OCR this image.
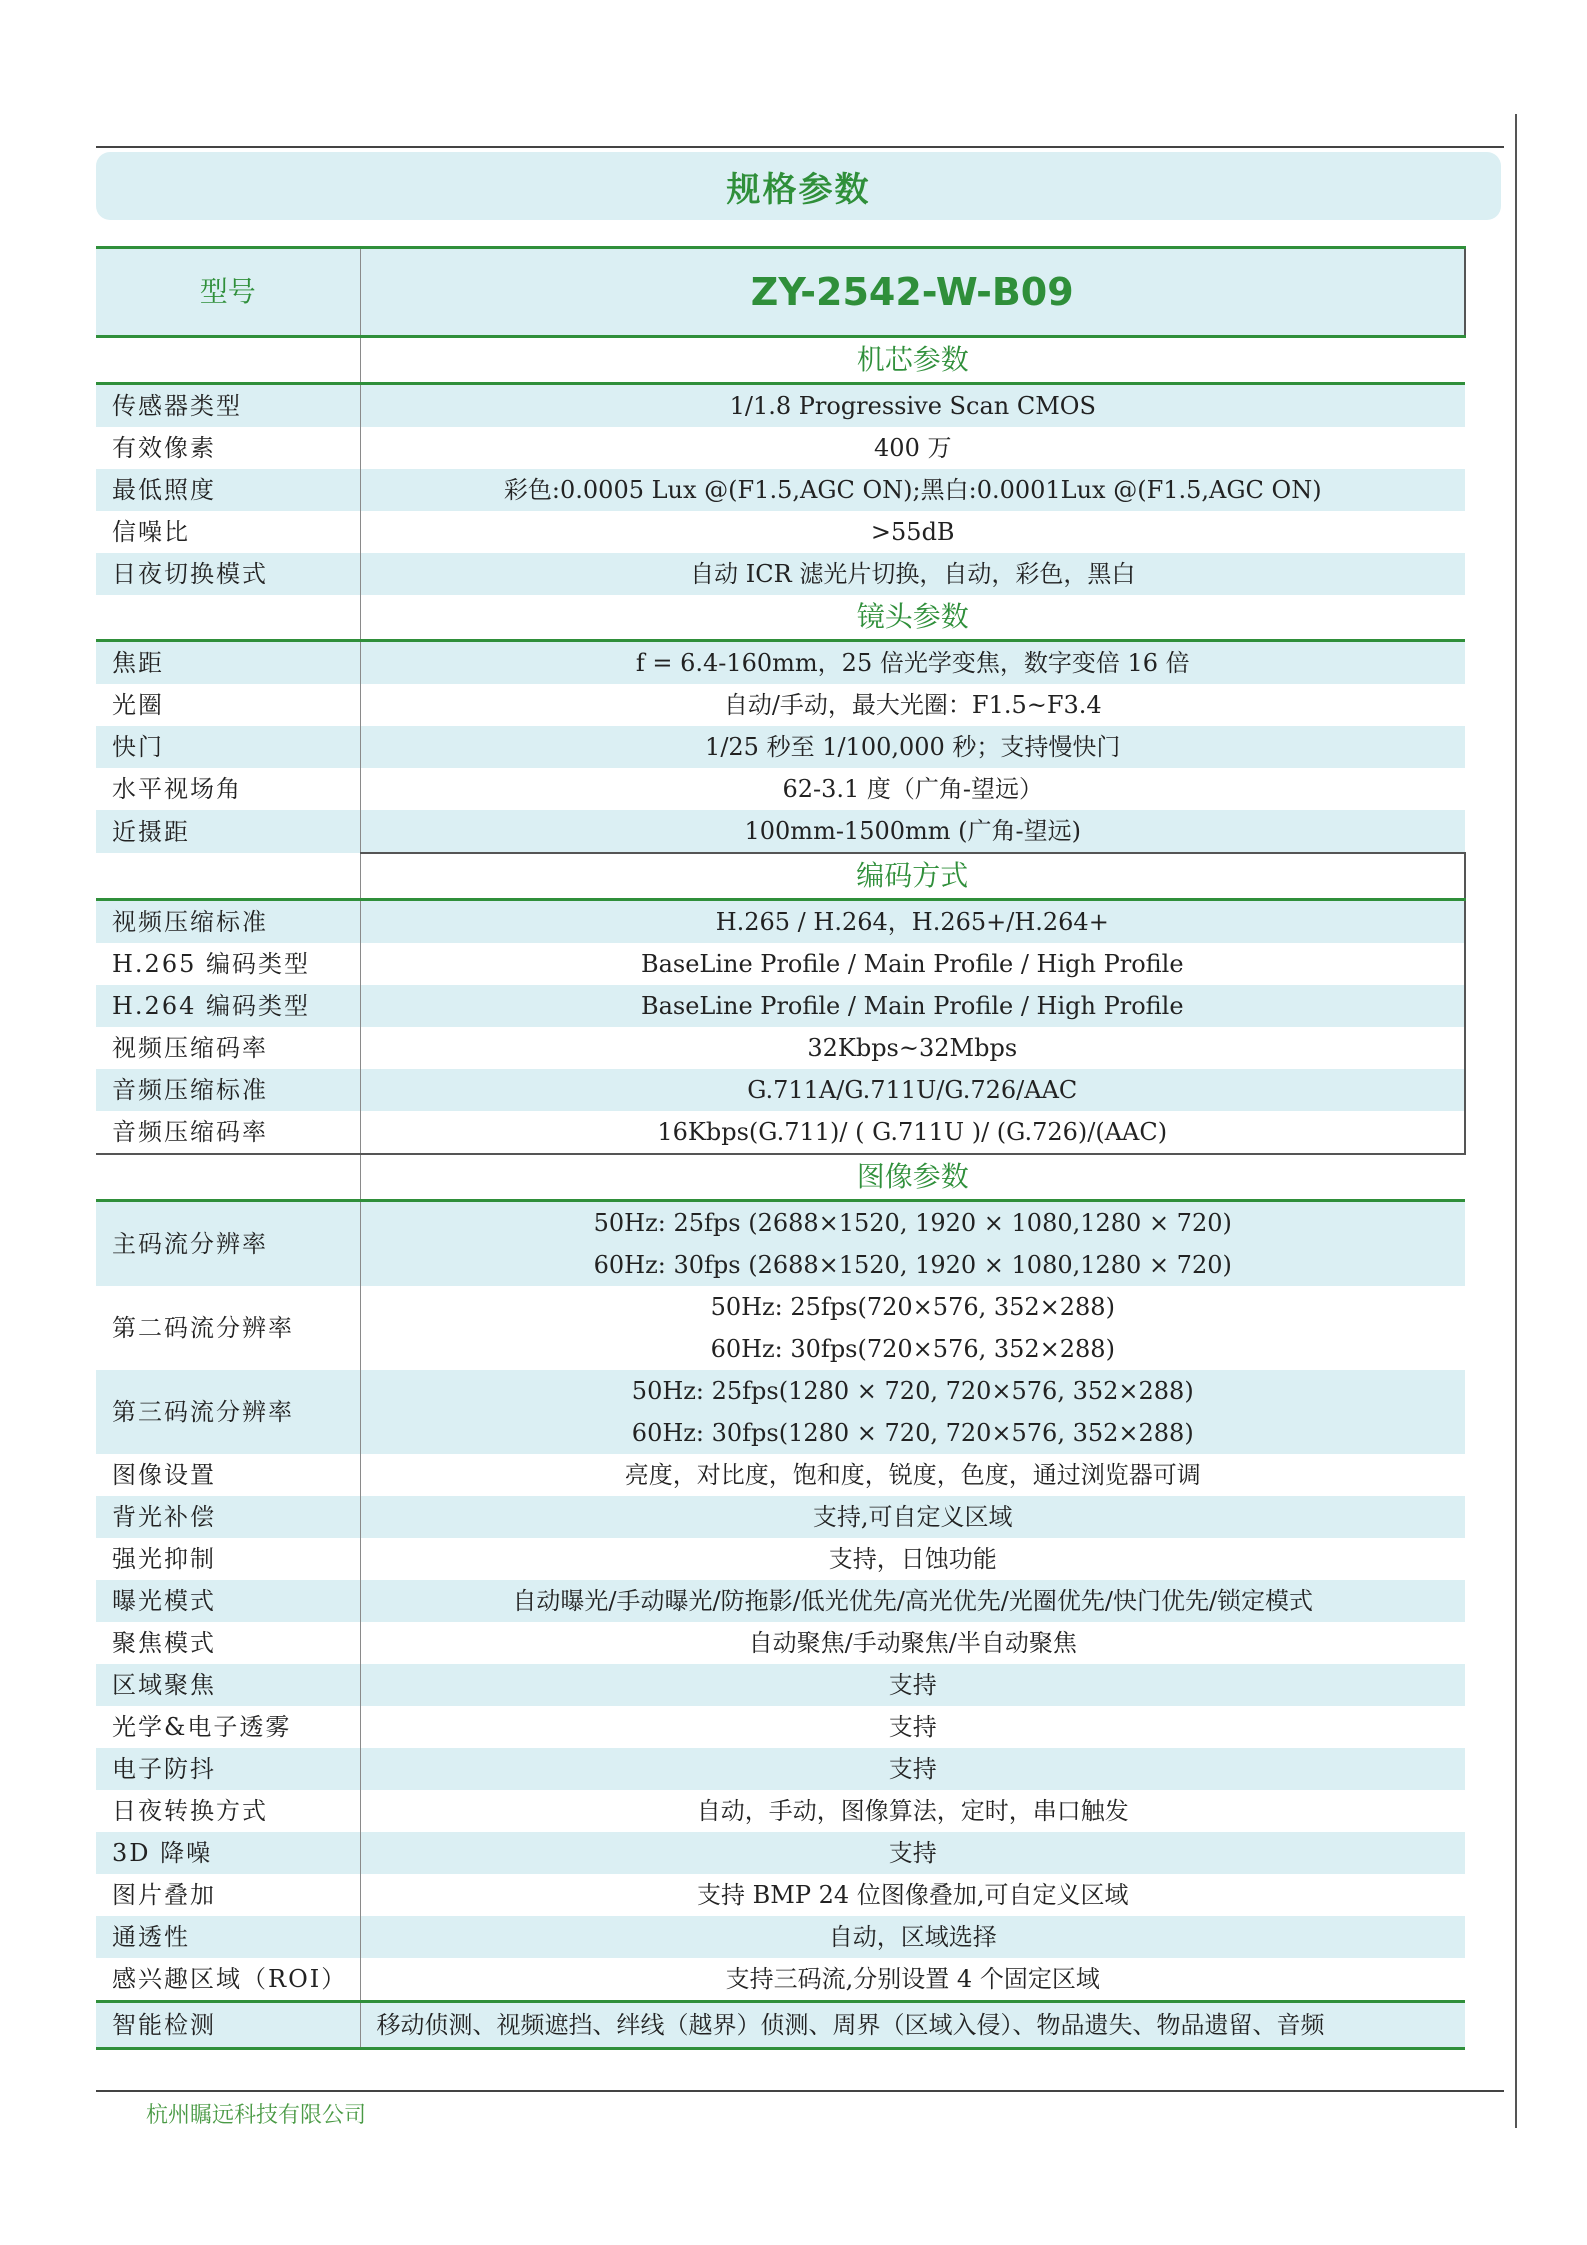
规格参数
型号	ZY-2542-W-B09
	机芯参数
传感器类型	1/1.8 Progressive Scan CMOS
有效像素	400 万
最低照度	彩色:0.0005 Lux @(F1.5,AGC ON);黑白:0.0001Lux @(F1.5,AGC ON)
信噪比	>55dB
日夜切换模式	自动 ICR 滤光片切换，自动，彩色，黑白
	镜头参数
焦距	f = 6.4-160mm，25 倍光学变焦，数字变倍 16 倍
光圈	自动/手动，最大光圈：F1.5~F3.4
快门	1/25 秒至 1/100,000 秒；支持慢快门
水平视场角	62-3.1 度（广角-望远）
近摄距	100mm-1500mm (广角-望远)
	编码方式
视频压缩标准	H.265 / H.264，H.265+/H.264+
H.265 编码类型	BaseLine Profile / Main Profile / High Profile
H.264 编码类型	BaseLine Profile / Main Profile / High Profile
视频压缩码率	32Kbps~32Mbps
音频压缩标准	G.711A/G.711U/G.726/AAC
音频压缩码率	16Kbps(G.711)/ ( G.711U )/ (G.726)/(AAC)
	图像参数
主码流分辨率	50Hz: 25fps (2688×1520, 1920 × 1080,1280 × 720)
60Hz: 30fps (2688×1520, 1920 × 1080,1280 × 720)

第二码流分辨率	50Hz: 25fps(720×576, 352×288)
60Hz: 30fps(720×576, 352×288)

第三码流分辨率	50Hz: 25fps(1280 × 720, 720×576, 352×288)
60Hz: 30fps(1280 × 720, 720×576, 352×288)

图像设置	亮度，对比度，饱和度，锐度，色度，通过浏览器可调
背光补偿	支持,可自定义区域
强光抑制	支持，日蚀功能
曝光模式	自动曝光/手动曝光/防拖影/低光优先/高光优先/光圈优先/快门优先/锁定模式
聚焦模式	自动聚焦/手动聚焦/半自动聚焦
区域聚焦	支持
光学&电子透雾	支持
电子防抖	支持
日夜转换方式	自动，手动，图像算法，定时，串口触发
3D 降噪	支持
图片叠加	支持 BMP 24 位图像叠加,可自定义区域
通透性	自动，区域选择
感兴趣区域（ROI）	支持三码流,分别设置 4 个固定区域
智能检测	移动侦测、视频遮挡、绊线（越界）侦测、周界（区域入侵）、物品遗失、物品遗留、音频
杭州瞩远科技有限公司
